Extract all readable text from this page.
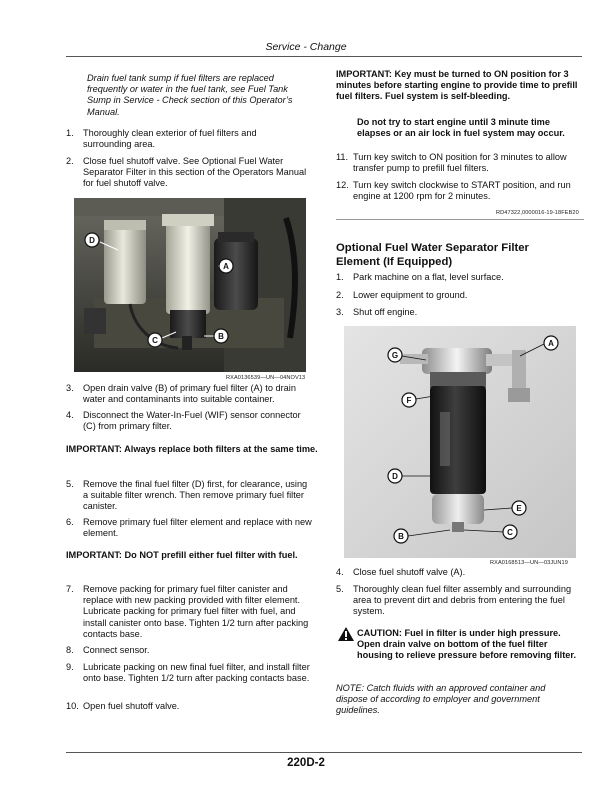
Service - Change
Drain fuel tank sump if fuel filters are replaced frequently or water in the fuel tank, see Fuel Tank Sump in Service - Check section of this Operator’s Manual.
1. Thoroughly clean exterior of fuel filters and surrounding area.
2. Close fuel shutoff valve. See Optional Fuel Water Separator Filter in this section of the Operators Manual for fuel shutoff valve.
D
A
C	B
RXA0136539—UN—04NOV13
3. Open drain valve (B) of primary fuel filter (A) to drain water and contaminants into suitable container.
4. Disconnect the Water-In-Fuel (WIF) sensor connector (C) from primary filter.
IMPORTANT: Always replace both filters at the same time.
5. Remove the final fuel filter (D) first, for clearance, using a suitable filter wrench. Then remove primary fuel filter canister.
6. Remove primary fuel filter element and replace with new element.
IMPORTANT: Do NOT prefill either fuel filter with fuel.
7. Remove packing for primary fuel filter canister and replace with new packing provided with filter element. Lubricate packing for primary fuel filter with fuel, and install canister onto base. Tighten 1/2 turn after packing contacts base.
8. Connect sensor.
9. Lubricate packing on new final fuel filter, and install filter onto base. Tighten 1/2 turn after packing contacts base.
10. Open fuel shutoff valve.
IMPORTANT: Key must be turned to ON position for 3 minutes before starting engine to provide time to prefill fuel filters. Fuel system is self-bleeding.
Do not try to start engine until 3 minute time elapses or an air lock in fuel system may occur.
11. Turn key switch to ON position for 3 minutes to allow transfer pump to prefill fuel filters.
12. Turn key switch clockwise to START position, and run engine at 1200 rpm for 2 minutes.
RD47322,0000016-19-18FEB20
Optional Fuel Water Separator Filter Element (If Equipped)
1. Park machine on a flat, level surface.
2. Lower equipment to ground.
3. Shut off engine.
G
A
F
D
E
B	C
RXA0168513—UN—03JUN19
4. Close fuel shutoff valve (A).
5. Thoroughly clean fuel filter assembly and surrounding area to prevent dirt and debris from entering the fuel system.
CAUTION: Fuel in filter is under high pressure. Open drain valve on bottom of the fuel filter housing to relieve pressure before removing filter.
NOTE: Catch fluids with an approved container and dispose of according to employer and government guidelines.
220D-2
